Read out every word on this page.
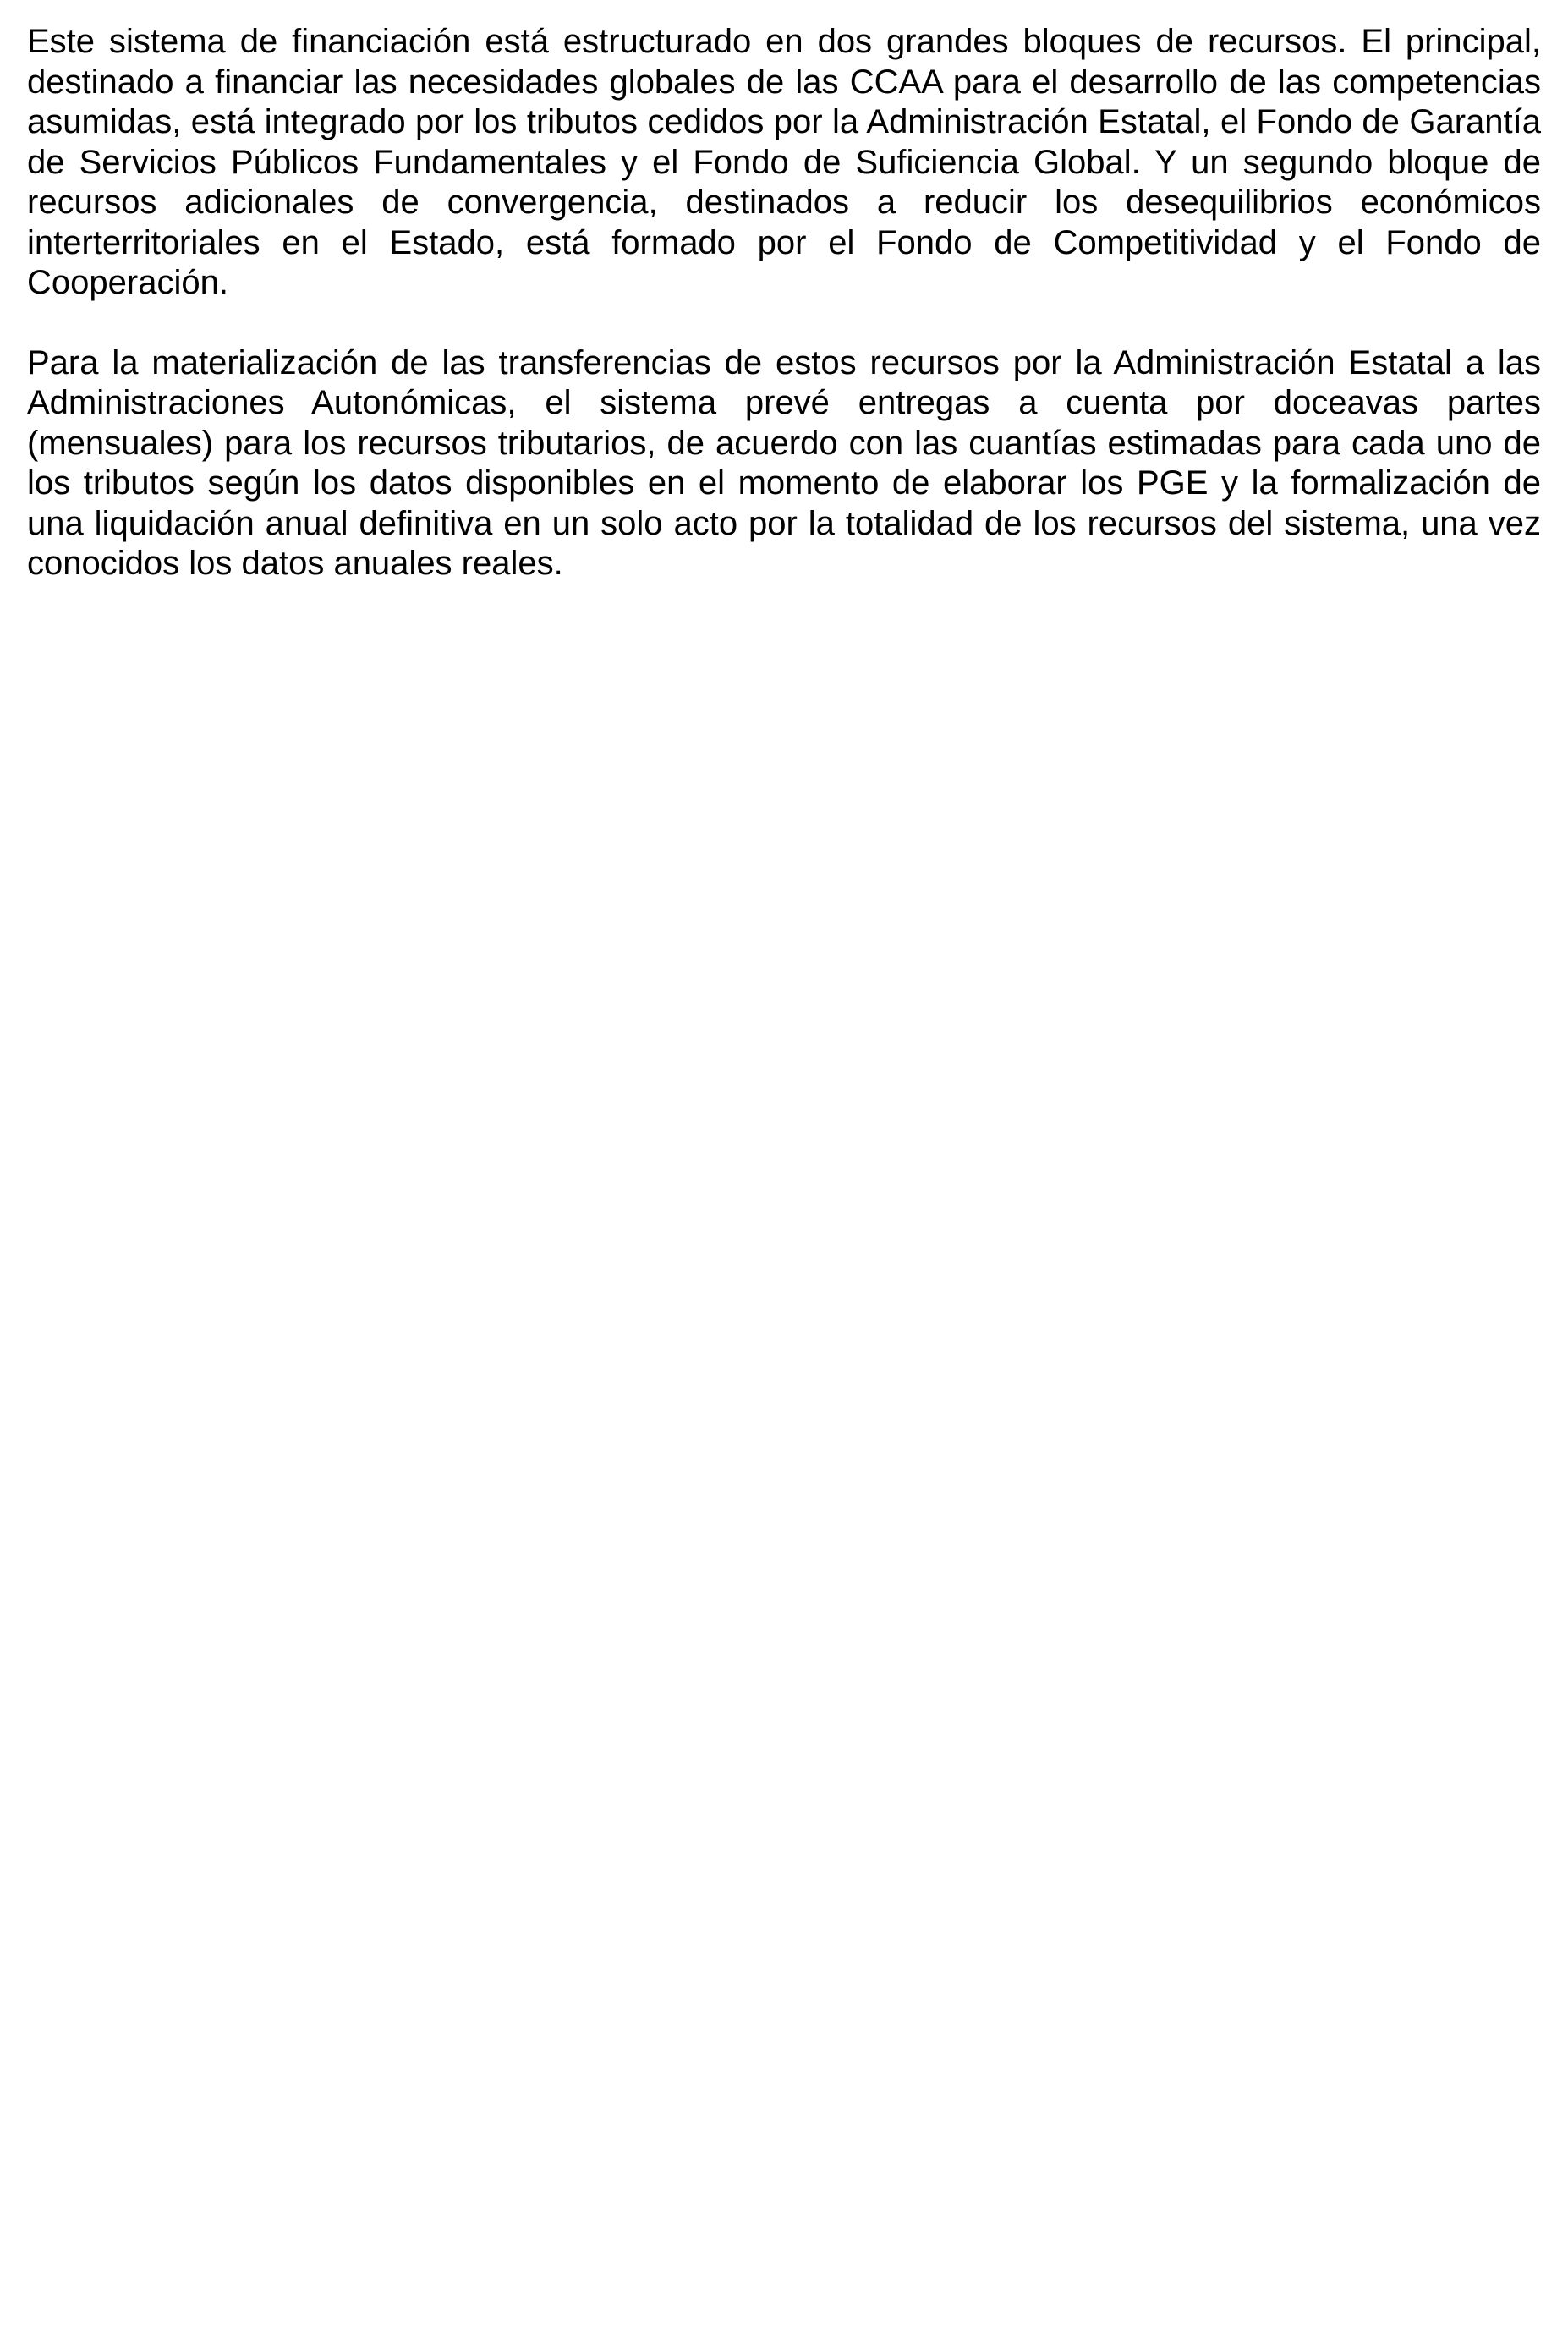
Este sistema de financiación está estructurado en dos grandes bloques de recursos. El principal, destinado a financiar las necesidades globales de las CCAA para el desarrollo de las competencias asumidas, está integrado por los tributos cedidos por la Administración Estatal, el Fondo de Garantía de Servicios Públicos Fundamentales y el Fondo de Suficiencia Global. Y un segundo bloque de recursos adicionales de convergencia, destinados a reducir los desequilibrios económicos interterritoriales en el Estado, está formado por el Fondo de Competitividad y el Fondo de Cooperación.

Para la materialización de las transferencias de estos recursos por la Administración Estatal a las Administraciones Autonómicas, el sistema prevé entregas a cuenta por doceavas partes (mensuales) para los recursos tributarios, de acuerdo con las cuantías estimadas para cada uno de los tributos según los datos disponibles en el momento de elaborar los PGE y la formalización de una liquidación anual definitiva en un solo acto por la totalidad de los recursos del sistema, una vez conocidos los datos anuales reales.
